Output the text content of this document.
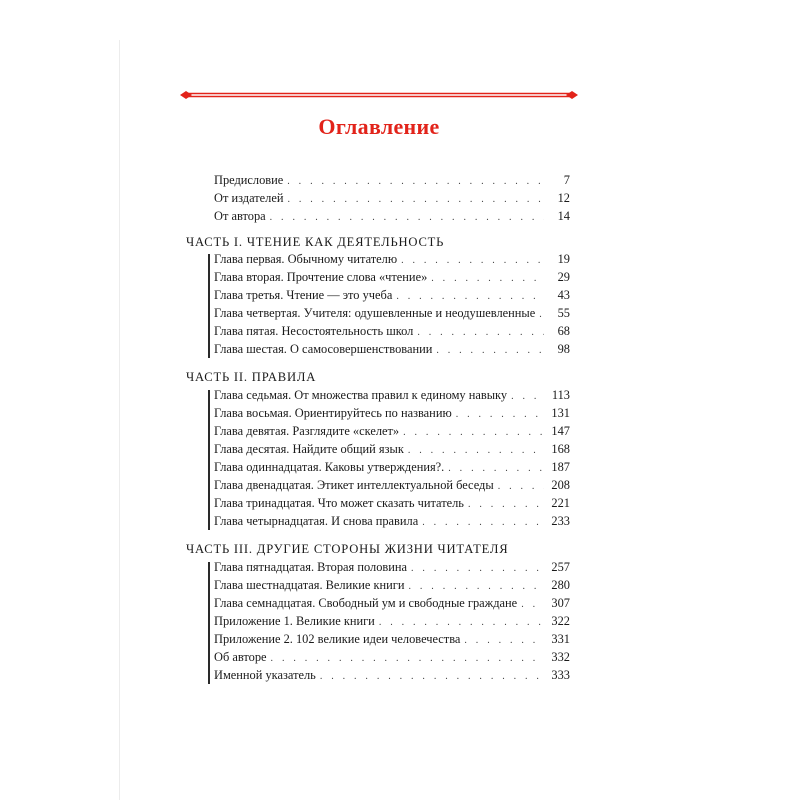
Оглавление
Предисловие . . .	7
От издателей . . .	12
От автора . . .	14
ЧАСТЬ I. ЧТЕНИЕ КАК ДЕЯТЕЛЬНОСТЬ
Глава первая. Обычному читателю . . .	19
Глава вторая. Прочтение слова «чтение» . . .	29
Глава третья. Чтение — это учеба . . .	43
Глава четвертая. Учителя: одушевленные и неодушевленные . . .	55
Глава пятая. Несостоятельность школ . . .	68
Глава шестая. О самосовершенствовании . . .	98
ЧАСТЬ II. ПРАВИЛА
Глава седьмая. От множества правил к единому навыку . . .	113
Глава восьмая. Ориентируйтесь по названию . . .	131
Глава девятая. Разглядите «скелет» . . .	147
Глава десятая. Найдите общий язык . . .	168
Глава одиннадцатая. Каковы утверждения?. . . .	187
Глава двенадцатая. Этикет интеллектуальной беседы . . .	208
Глава тринадцатая. Что может сказать читатель . . .	221
Глава четырнадцатая. И снова правила . . .	233
ЧАСТЬ III. ДРУГИЕ СТОРОНЫ ЖИЗНИ ЧИТАТЕЛЯ
Глава пятнадцатая. Вторая половина . . .	257
Глава шестнадцатая. Великие книги . . .	280
Глава семнадцатая. Свободный ум и свободные граждане . . .	307
Приложение 1. Великие книги . . .	322
Приложение 2. 102 великие идеи человечества . . .	331
Об авторе . . .	332
Именной указатель . . .	333
